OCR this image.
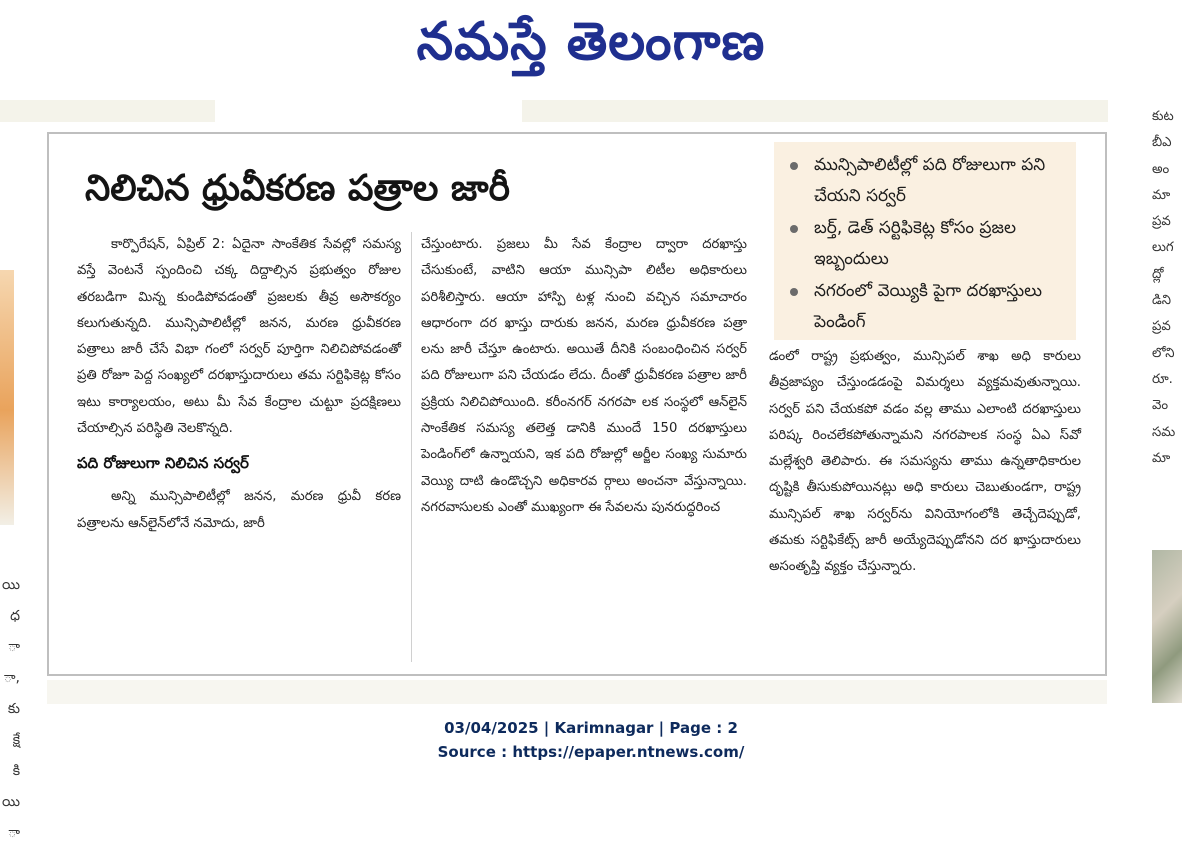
నమస్తే తెలంగాణ
యి
ధ
ా
ా,
కు
క్షే
కి
యి
ా
కుట
బీఎ
అం
మా
ప్రవ
లుగ
ద్లో
డిని
ప్రవ
లోని
రూ.
వెం
సమ
మా
నిలిచిన ధ్రువీకరణ పత్రాల జారీ
మున్సిపాలిటీల్లో పది రోజులుగా పని చేయని సర్వర్
బర్త్, డెత్ సర్టిఫికెట్ల కోసం ప్రజల ఇబ్బందులు
నగరంలో వెయ్యికి పైగా దరఖాస్తులు పెండింగ్

కార్పొరేషన్, ఏప్రిల్ 2: ఏదైనా సాంకేతిక సేవల్లో సమస్య వస్తే వెంటనే స్పందించి చక్క దిద్దాల్సిన ప్రభుత్వం రోజుల తరబడిగా మిన్న కుండిపోవడంతో ప్రజలకు తీవ్ర అసౌకర్యం కలుగుతున్నది. మున్సిపాలిటీల్లో జనన, మరణ ధ్రువీకరణ పత్రాలు జారీ చేసే విభా గంలో సర్వర్ పూర్తిగా నిలిచిపోవడంతో ప్రతి రోజూ పెద్ద సంఖ్యలో దరఖాస్తుదారులు తమ సర్టిఫికెట్ల కోసం ఇటు కార్యాలయం, అటు మీ సేవ కేంద్రాల చుట్టూ ప్రదక్షిణలు చేయాల్సిన పరిస్థితి నెలకొన్నది.

పది రోజులుగా నిలిచిన సర్వర్

అన్ని మున్సిపాలిటీల్లో జనన, మరణ ధ్రువీ కరణ పత్రాలను ఆన్‌లైన్‌లోనే నమోదు, జారీ

చేస్తుంటారు. ప్రజలు మీ సేవ కేంద్రాల ద్వారా దరఖాస్తు చేసుకుంటే, వాటిని ఆయా మున్సిపా లిటీల అధికారులు పరిశీలిస్తారు. ఆయా హాస్పి టళ్ల నుంచి వచ్చిన సమాచారం ఆధారంగా దర ఖాస్తు దారుకు జనన, మరణ ధ్రువీకరణ పత్రా లను జారీ చేస్తూ ఉంటారు. అయితే దీనికి సంబంధించిన సర్వర్ పది రోజులుగా పని చేయడం లేదు. దీంతో ధ్రువీకరణ పత్రాల జారీ ప్రక్రియ నిలిచిపోయింది. కరీంనగర్ నగరపా లక సంస్థలో ఆన్‌లైన్ సాంకేతిక సమస్య తలెత్త డానికి ముందే 150 దరఖాస్తులు పెండింగ్‌లో ఉన్నాయని, ఇక పది రోజుల్లో అర్జీల సంఖ్య సుమారు వెయ్యి దాటి ఉండొచ్చని అధికారవ ర్గాలు అంచనా వేస్తున్నాయి. నగరవాసులకు ఎంతో ముఖ్యంగా ఈ సేవలను పునరుద్ధరించ

డంలో రాష్ట్ర ప్రభుత్వం, మున్సిపల్ శాఖ అధి కారులు తీవ్రజాప్యం చేస్తుండడంపై విమర్శలు వ్యక్తమవుతున్నాయి. సర్వర్ పని చేయకపో వడం వల్ల తాము ఎలాంటి దరఖాస్తులు పరిష్క రించలేకపోతున్నామని నగరపాలక సంస్థ ఏఎ స్‌వో మల్లేశ్వరి తెలిపారు. ఈ సమస్యను తాము ఉన్నతాధికారుల దృష్టికి తీసుకుపోయినట్లు అధి కారులు చెబుతుండగా, రాష్ట్ర మున్సిపల్ శాఖ సర్వర్‌ను వినియోగంలోకి తెచ్చేదెప్పుడో, తమకు సర్టిఫికేట్స్ జారీ అయ్యేదెప్పుడోనని దర ఖాస్తుదారులు అసంతృప్తి వ్యక్తం చేస్తున్నారు.

03/04/2025 | Karimnagar | Page : 2
Source : https://epaper.ntnews.com/
